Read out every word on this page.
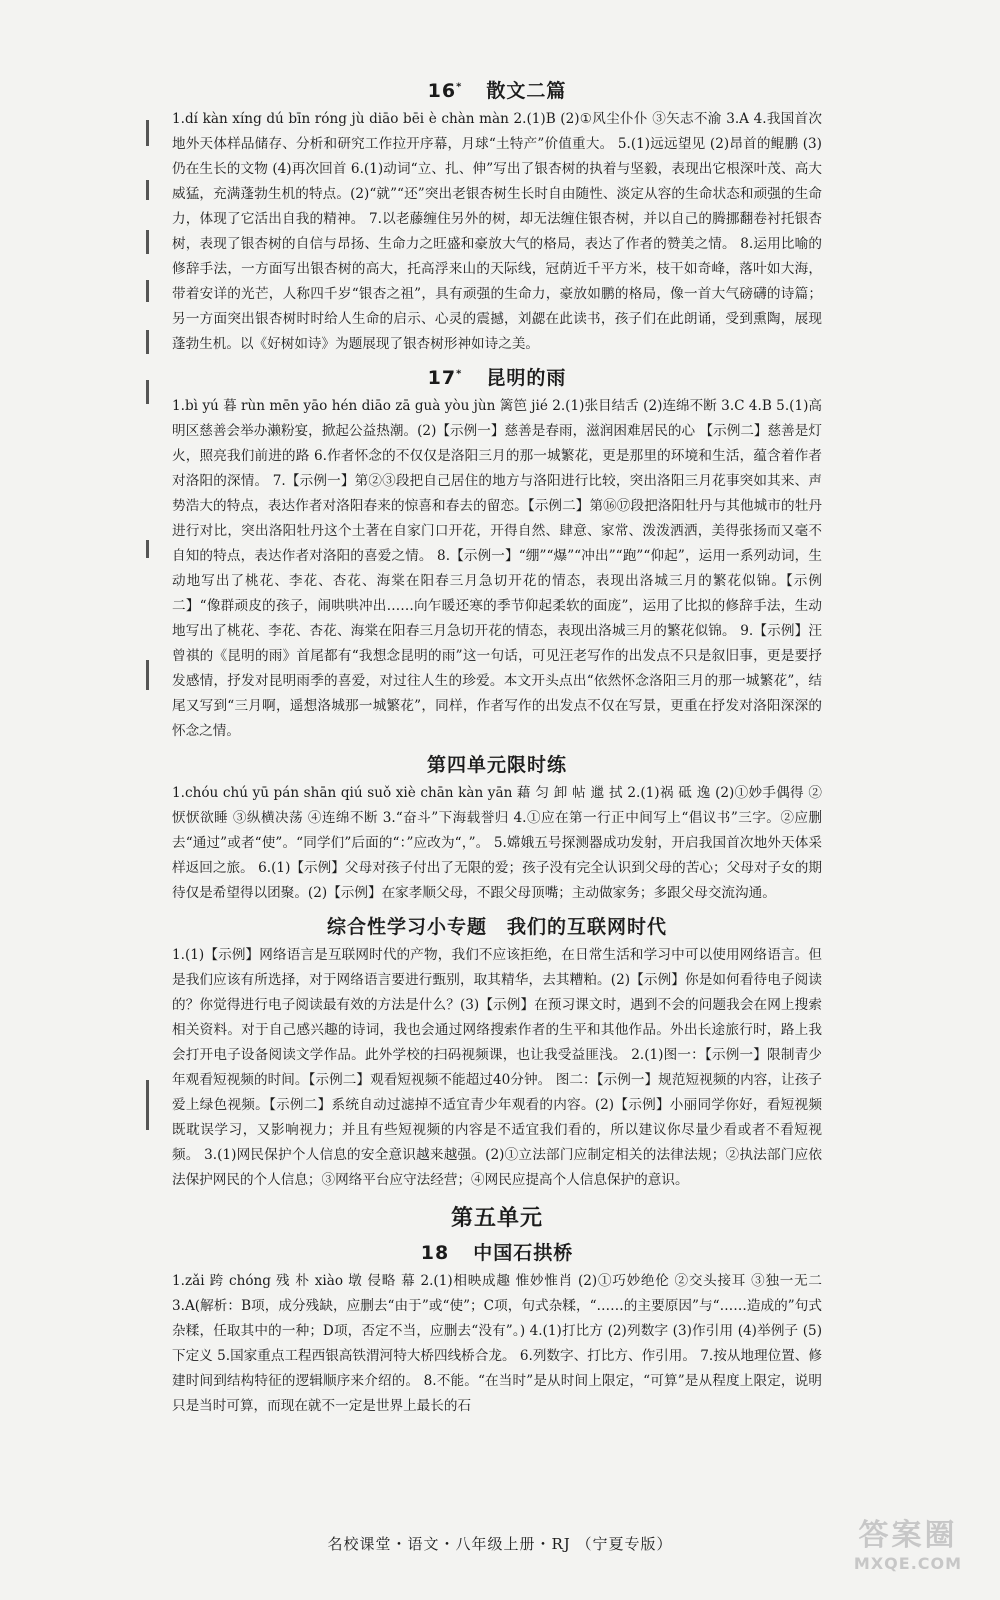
16* 散文二篇

1.dí kàn xíng dú bīn róng jù diāo bēi è chàn màn 2.(1)B (2)①风尘仆仆 ③矢志不渝 3.A 4.我国首次地外天体样品储存、分析和研究工作拉开序幕，月球“土特产”价值重大。 5.(1)远远望见 (2)昂首的鲲鹏 (3)仍在生长的文物 (4)再次回首 6.(1)动词“立、扎、伸”写出了银杏树的执着与坚毅，表现出它根深叶茂、高大威猛，充满蓬勃生机的特点。(2)“就”“还”突出老银杏树生长时自由随性、淡定从容的生命状态和顽强的生命力，体现了它活出自我的精神。 7.以老藤缠住另外的树，却无法缠住银杏树，并以自己的腾挪翻卷衬托银杏树，表现了银杏树的自信与昂扬、生命力之旺盛和豪放大气的格局，表达了作者的赞美之情。 8.运用比喻的修辞手法，一方面写出银杏树的高大，托高浮来山的天际线，冠荫近千平方米，枝干如奇峰，落叶如大海，带着安详的光芒，人称四千岁“银杏之祖”，具有顽强的生命力，豪放如鹏的格局，像一首大气磅礴的诗篇；另一方面突出银杏树时时给人生命的启示、心灵的震撼，刘勰在此读书，孩子们在此朗诵，受到熏陶，展现蓬勃生机。以《好树如诗》为题展现了银杏树形神如诗之美。

17* 昆明的雨

1.bì yú 暮 rùn mēn yāo hén diāo zā guà yòu jùn 篱笆 jié 2.(1)张目结舌 (2)连绵不断 3.C 4.B 5.(1)高明区慈善会举办濑粉宴，掀起公益热潮。(2)【示例一】慈善是春雨，滋润困难居民的心 【示例二】慈善是灯火，照亮我们前进的路 6.作者怀念的不仅仅是洛阳三月的那一城繁花，更是那里的环境和生活，蕴含着作者对洛阳的深情。 7.【示例一】第②③段把自己居住的地方与洛阳进行比较，突出洛阳三月花事突如其来、声势浩大的特点，表达作者对洛阳春来的惊喜和春去的留恋。【示例二】第⑯⑰段把洛阳牡丹与其他城市的牡丹进行对比，突出洛阳牡丹这个土著在自家门口开花，开得自然、肆意、家常、泼泼洒洒，美得张扬而又毫不自知的特点，表达作者对洛阳的喜爱之情。 8.【示例一】“绷”“爆”“冲出”“跑”“仰起”，运用一系列动词，生动地写出了桃花、李花、杏花、海棠在阳春三月急切开花的情态，表现出洛城三月的繁花似锦。【示例二】“像群顽皮的孩子，闹哄哄冲出……向乍暖还寒的季节仰起柔软的面庞”，运用了比拟的修辞手法，生动地写出了桃花、李花、杏花、海棠在阳春三月急切开花的情态，表现出洛城三月的繁花似锦。 9.【示例】汪曾祺的《昆明的雨》首尾都有“我想念昆明的雨”这一句话，可见汪老写作的出发点不只是叙旧事，更是要抒发感情，抒发对昆明雨季的喜爱，对过往人生的珍爱。本文开头点出“依然怀念洛阳三月的那一城繁花”，结尾又写到“三月啊，遥想洛城那一城繁花”，同样，作者写作的出发点不仅在写景，更重在抒发对洛阳深深的怀念之情。

第四单元限时练

1.chóu chú yū pán shān qiú suǒ xiè chān kàn yān 藉 匀 卸 帖 邋 拭 2.(1)祸 砥 逸 (2)①妙手偶得 ②恹恹欲睡 ③纵横决荡 ④连绵不断 3.“奋斗”下海载誉归 4.①应在第一行正中间写上“倡议书”三字。②应删去“通过”或者“使”。“同学们”后面的“：”应改为“，”。 5.嫦娥五号探测器成功发射，开启我国首次地外天体采样返回之旅。 6.(1)【示例】父母对孩子付出了无限的爱；孩子没有完全认识到父母的苦心；父母对子女的期待仅是希望得以团聚。(2)【示例】在家孝顺父母，不跟父母顶嘴；主动做家务；多跟父母交流沟通。

综合性学习小专题　我们的互联网时代

1.(1)【示例】网络语言是互联网时代的产物，我们不应该拒绝，在日常生活和学习中可以使用网络语言。但是我们应该有所选择，对于网络语言要进行甄别，取其精华，去其糟粕。(2)【示例】你是如何看待电子阅读的？你觉得进行电子阅读最有效的方法是什么？(3)【示例】在预习课文时，遇到不会的问题我会在网上搜索相关资料。对于自己感兴趣的诗词，我也会通过网络搜索作者的生平和其他作品。外出长途旅行时，路上我会打开电子设备阅读文学作品。此外学校的扫码视频课，也让我受益匪浅。 2.(1)图一：【示例一】限制青少年观看短视频的时间。【示例二】观看短视频不能超过40分钟。 图二：【示例一】规范短视频的内容，让孩子爱上绿色视频。【示例二】系统自动过滤掉不适宜青少年观看的内容。(2)【示例】小丽同学你好，看短视频既耽误学习，又影响视力；并且有些短视频的内容是不适宜我们看的，所以建议你尽量少看或者不看短视频。 3.(1)网民保护个人信息的安全意识越来越强。(2)①立法部门应制定相关的法律法规；②执法部门应依法保护网民的个人信息；③网络平台应守法经营；④网民应提高个人信息保护的意识。

第五单元
18 中国石拱桥

1.zǎi 跨 chóng 残 朴 xiào 墩 侵略 幕 2.(1)相映成趣 惟妙惟肖 (2)①巧妙绝伦 ②交头接耳 ③独一无二 3.A(解析：B项，成分残缺，应删去“由于”或“使”；C项，句式杂糅，“……的主要原因”与“……造成的”句式杂糅，任取其中的一种；D项，否定不当，应删去“没有”。) 4.(1)打比方 (2)列数字 (3)作引用 (4)举例子 (5)下定义 5.国家重点工程西银高铁渭河特大桥四线桥合龙。 6.列数字、打比方、作引用。 7.按从地理位置、修建时间到结构特征的逻辑顺序来介绍的。 8.不能。“在当时”是从时间上限定，“可算”是从程度上限定，说明只是当时可算，而现在就不一定是世界上最长的石

名校课堂・语文・八年级上册・RJ （宁夏专版）	答案圈
MXQE.COM
